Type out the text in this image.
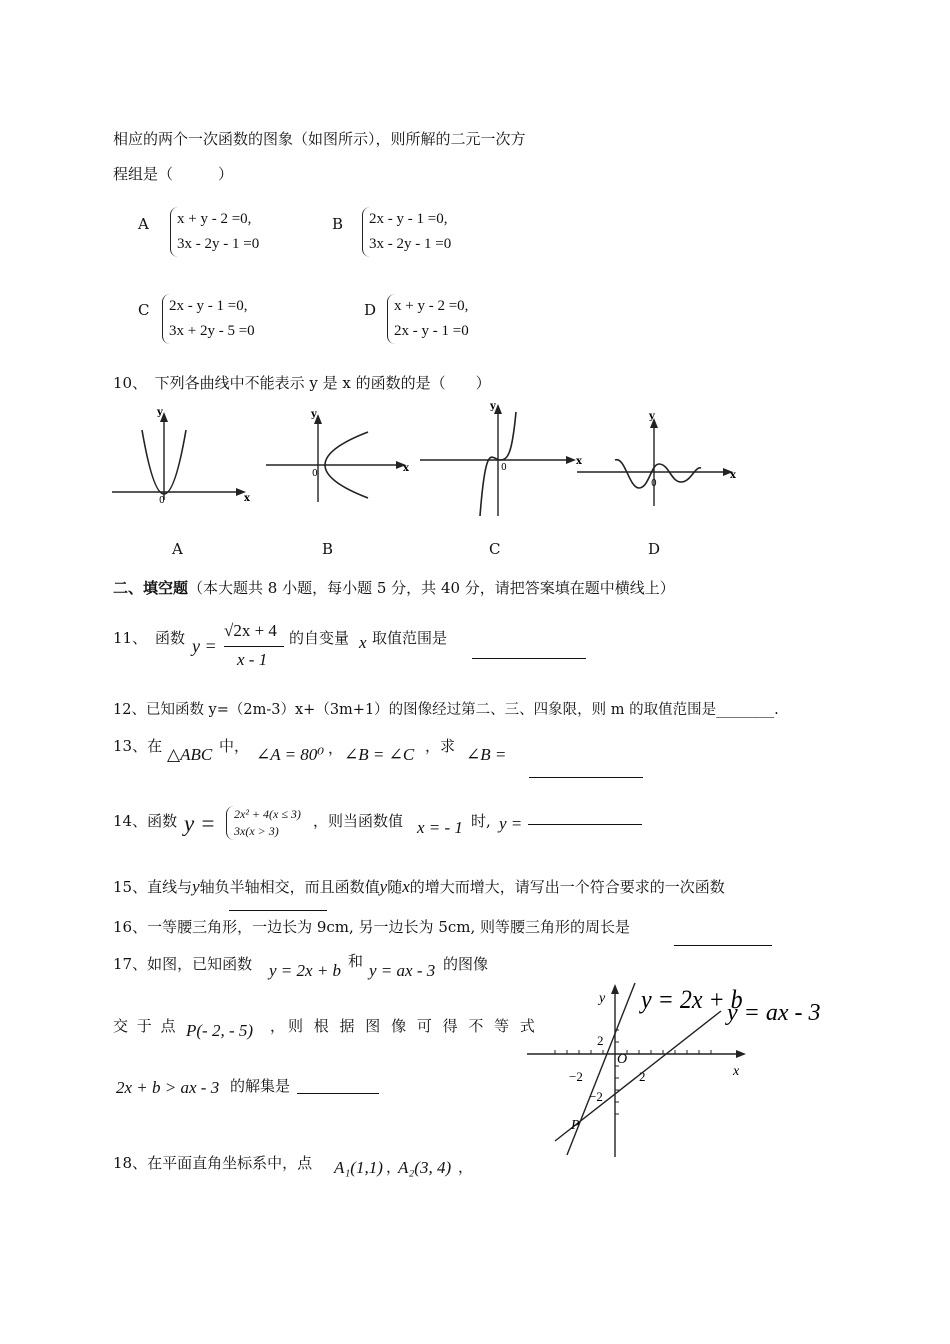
相应的两个一次函数的图象（如图所示），则所解的二元一次方
程组是（　　　）
A x + y - 2 =0,
3x - 2y - 1 =0
B 2x - y - 1 =0,
3x - 2y - 1 =0
C 2x - y - 1 =0,
3x + 2y - 5 =0
D x + y - 2 =0,
2x - y - 1 =0
10、　下列各曲线中不能表示 y 是 x 的函数的是（　　）
y
x
0
y
x
0
y
x
0
y
x
0
A	B	C	D
二、填空题（本大题共 8 小题，每小题 5 分，共 40 分，请把答案填在题中横线上）
11、 函数 y =
√2x + 4
x - 1
的自变量 x 取值范围是
12、已知函数 y=（2m-3）x+（3m+1）的图像经过第二、三、四象限，则 m 的取值范围是________.
13、在 △ABC 中， ∠A = 80⁰ ， ∠B = ∠C ，求 ∠B =
14、函数 y = 2x² + 4(x ≤ 3)
3x(x > 3)
，则当函数值 x = - 1 时, y =
15、直线与y轴负半轴相交，而且函数值y随x的增大而增大，请写出一个符合要求的一次函数
16、一等腰三角形，一边长为 9cm, 另一边长为 5cm, 则等腰三角形的周长是
17、如图，已知函数 y = 2x + b 和 y = ax - 3 的图像
交 于 点 P(- 2, - 5) ，则 根 据 图 像 可 得 不 等 式
2x + b > ax - 3 的解集是
y
x
O
2
−2
2
−2
P
y = 2x + b
y = ax - 3
18、在平面直角坐标系中，点 A₁(1,1) ，
A₂(3, 4) ，
